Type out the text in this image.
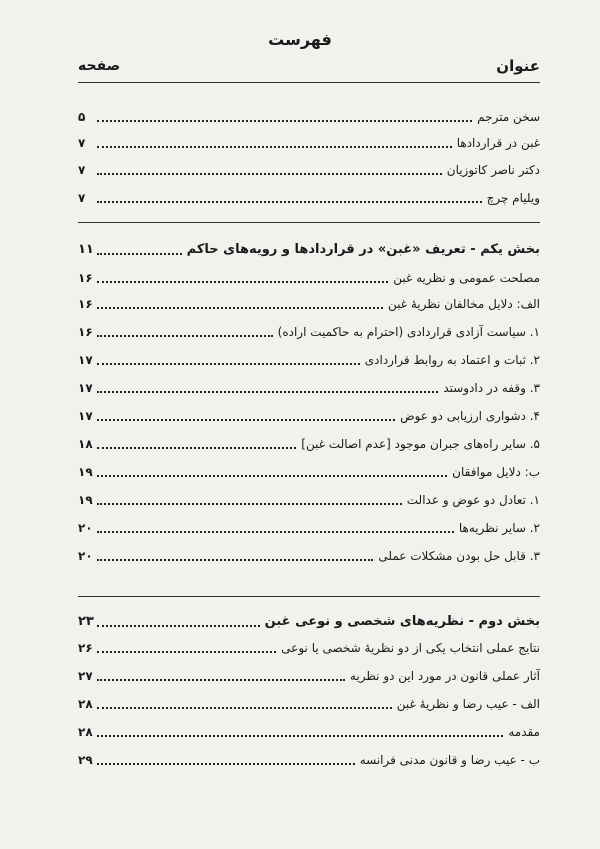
فهرست
عنوان
صفحه
سخن مترجم
۵
غبن در قراردادها
۷
دکتر ناصر کاتوزیان
۷
ویلیام چرچ
۷
بخش یکم - تعریف «غبن» در قراردادها و رویه‌های حاکم
۱۱
مصلحت عمومی و نظریه غبن
۱۶
الف: دلایل مخالفان نظریهٔ غبن
۱۶
۱. سیاست آزادی قراردادی (احترام به حاکمیت اراده)
۱۶
۲. ثبات و اعتماد به روابط قراردادی
۱۷
۳. وقفه در دادوستد
۱۷
۴. دشواری ارزیابی دو عوض
۱۷
۵. سایر راه‌های جبران موجود [عدم اصالت غبن]
۱۸
ب: دلایل موافقان
۱۹
۱. تعادل دو عوض و عدالت
۱۹
۲. سایر نظریه‌ها
۲۰
۳. قابل حل بودن مشکلات عملی
۲۰
بخش دوم - نظریه‌های شخصی و نوعی غبن
۲۳
نتایج عملی انتخاب یکی از دو نظریهٔ شخصی یا نوعی
۲۶
آثار عملی قانون در مورد این دو نظریه
۲۷
الف - عیب رضا و نظریهٔ غبن
۲۸
مقدمه
۲۸
ب - عیب رضا و قانون مدنی فرانسه
۲۹
